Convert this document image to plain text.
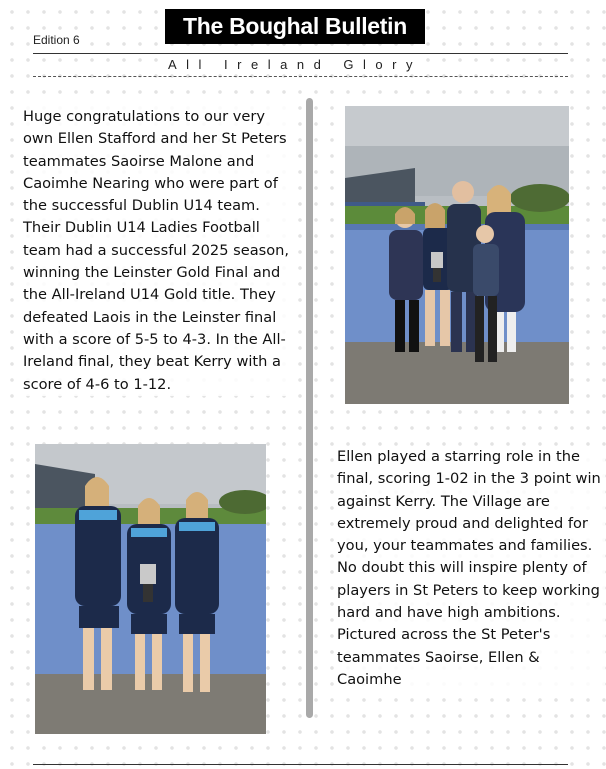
Edition 6
The Boughal Bulletin
All Ireland Glory

Huge congratulations to our very own Ellen Stafford and her St Peters teammates Saoirse Malone and Caoimhe Nearing who were part of the successful Dublin U14 team. Their Dublin U14 Ladies Football team had a successful 2025 season, winning the Leinster Gold Final and the All-Ireland U14 Gold title. They defeated Laois in the Leinster final with a score of 5-5 to 4-3. In the All-Ireland final, they beat Kerry with a score of 4-6 to 1-12.

Ellen played a starring role in the final, scoring 1-02 in the 3 point win against Kerry. The Village are extremely proud and delighted for you, your teammates and families. No doubt this will inspire plenty of players in St Peters to keep working hard and have high ambitions.

Pictured across the St Peter's teammates Saoirse, Ellen & Caoimhe
